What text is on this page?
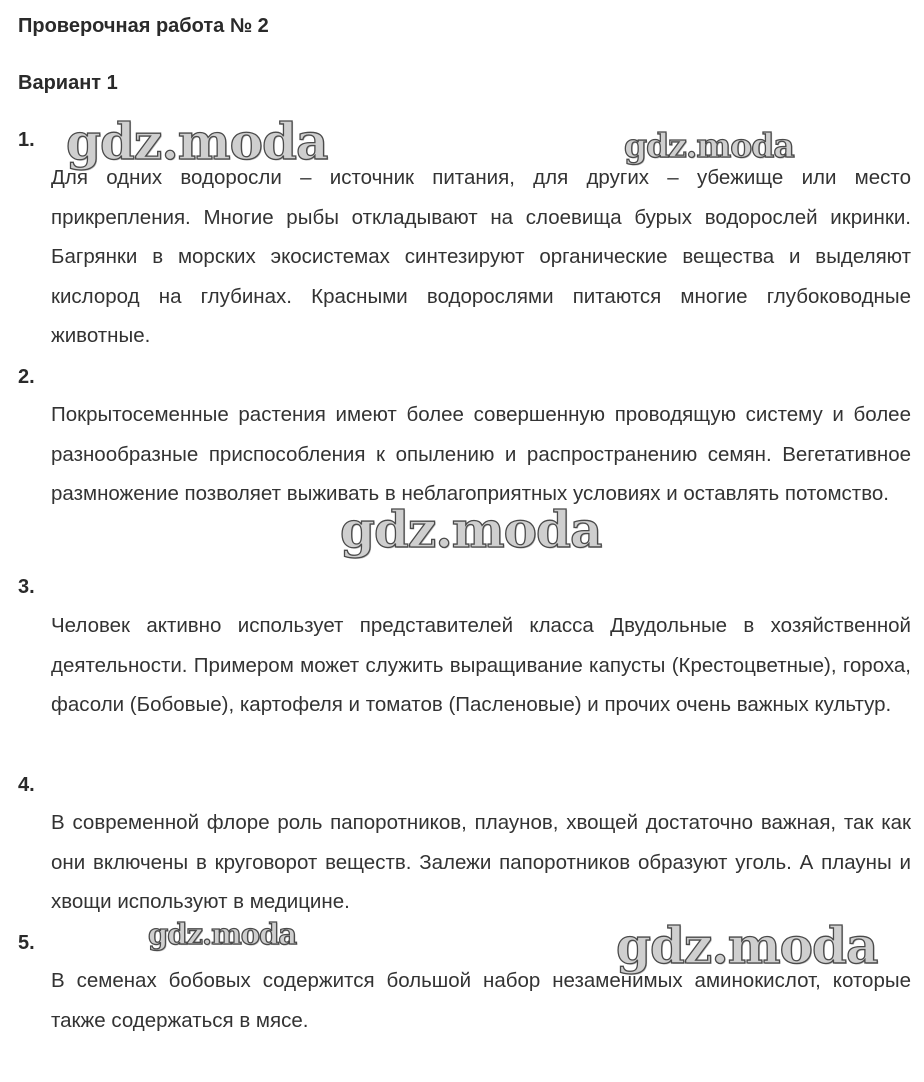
Проверочная работа № 2
Вариант 1
1.
Для одних водоросли – источник питания, для других – убежище или место прикрепления. Многие рыбы откладывают на слоевища бурых водорослей икринки. Багрянки в морских экосистемах синтезируют органические вещества и выделяют кислород на глубинах. Красными водорослями питаются многие глубоководные животные.
2.
Покрытосеменные растения имеют более совершенную проводящую систему и более разнообразные приспособления к опылению и распространению семян. Вегетативное размножение позволяет выживать в неблагоприятных условиях и оставлять потомство.
3.
Человек активно использует представителей класса Двудольные в хозяйственной деятельности. Примером может служить выращивание капусты (Крестоцветные), гороха, фасоли (Бобовые), картофеля и томатов (Пасленовые) и прочих очень важных культур.
4.
В современной флоре роль папоротников, плаунов, хвощей достаточно важная, так как они включены в круговорот веществ. Залежи папоротников образуют уголь. А плауны и хвощи используют в медицине.
5.
В семенах бобовых содержится большой набор незаменимых аминокислот, которые также содержаться в мясе.
gdz.moda	gdz.moda
gdz.moda
gdz.moda	gdz.moda
